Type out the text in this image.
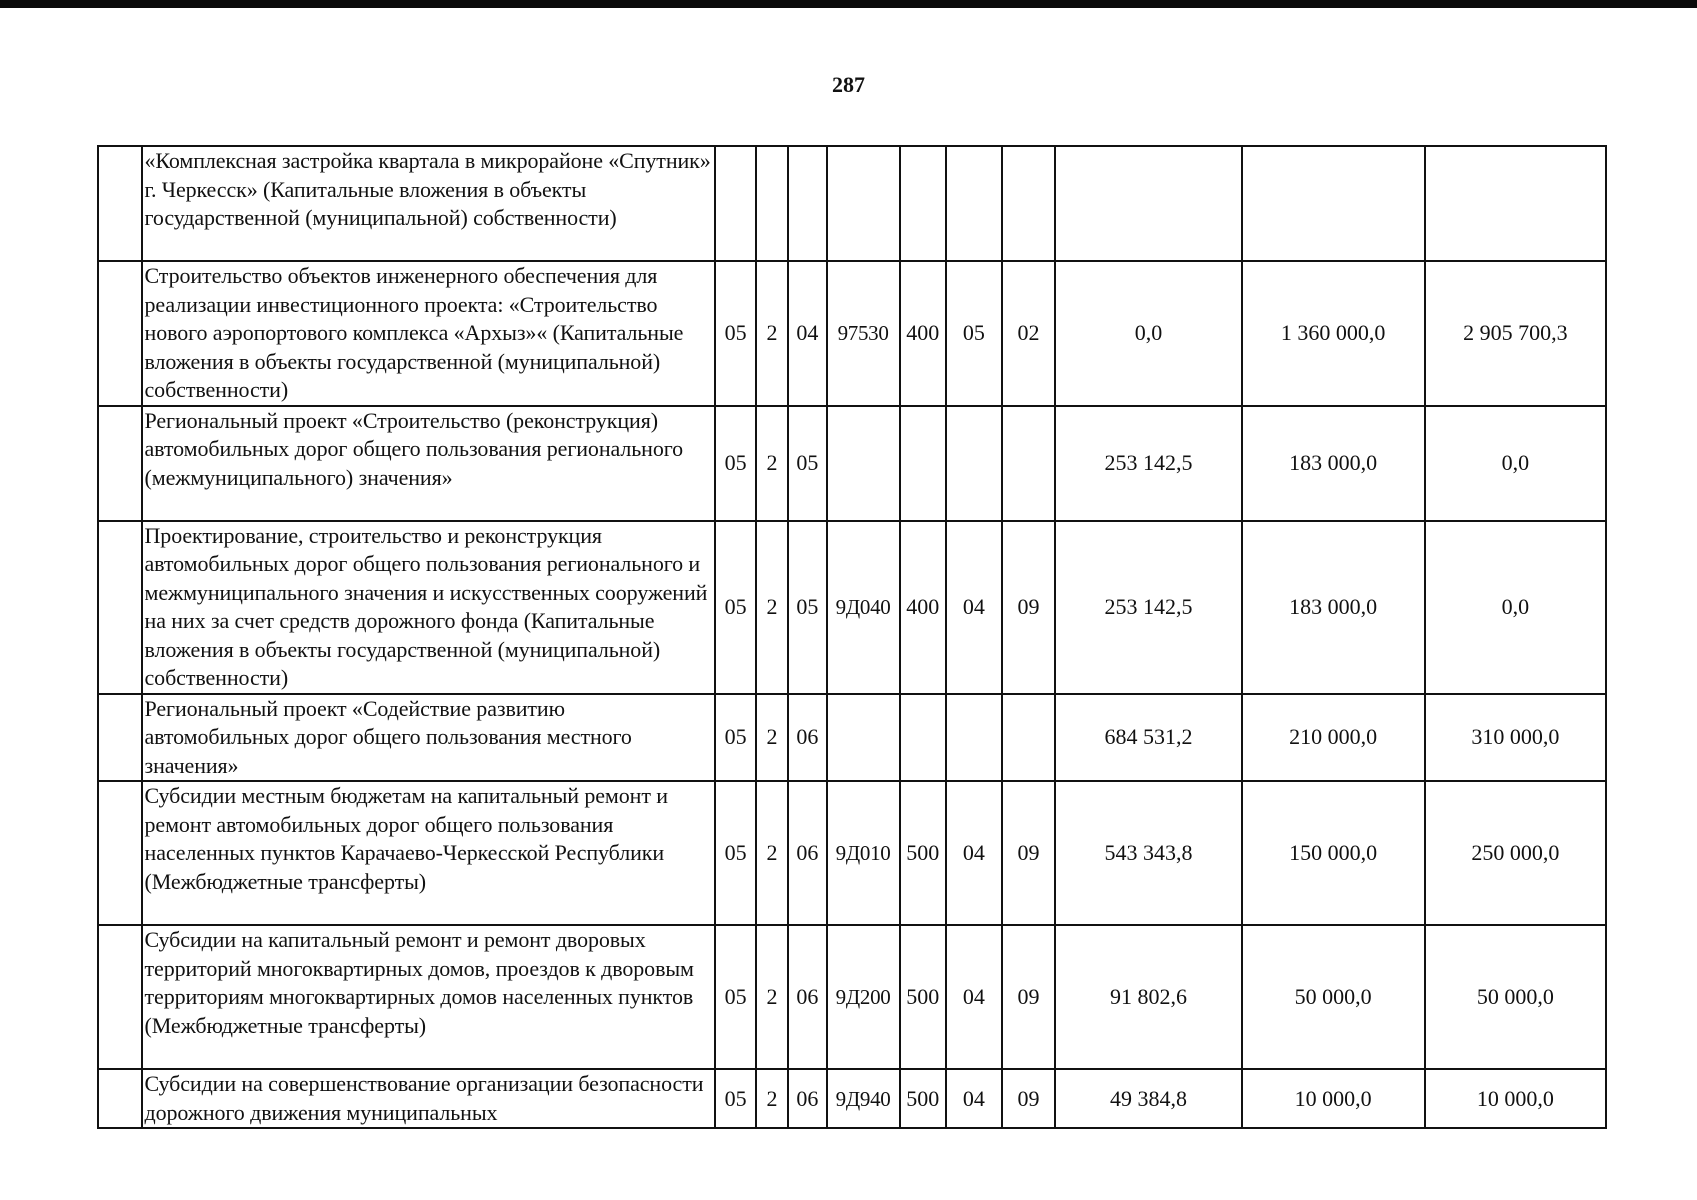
287
	«Комплексная застройка квартала в микрорайоне «Спутник» г. Черкесск» (Капитальные вложения в объекты государственной (муниципальной) собственности)										
	Строительство объектов инженерного обеспечения для реализации инвестиционного проекта: «Строительство нового аэропортового комплекса «Архыз»« (Капитальные вложения в объекты государственной (муниципальной) собственности)	05	2	04	97530	400	05	02	0,0	1 360 000,0	2 905 700,3
	Региональный проект «Строительство (реконструкция) автомобильных дорог общего пользования регионального (межмуниципального) значения»	05	2	05					253 142,5	183 000,0	0,0
	Проектирование, строительство и реконструкция автомобильных дорог общего пользования регионального и межмуниципального значения и искусственных сооружений на них за счет средств дорожного фонда (Капитальные вложения в объекты государственной (муниципальной) собственности)	05	2	05	9Д040	400	04	09	253 142,5	183 000,0	0,0
	Региональный проект «Содействие развитию автомобильных дорог общего пользования местного значения»	05	2	06					684 531,2	210 000,0	310 000,0
	Субсидии местным бюджетам на капитальный ремонт и ремонт автомобильных дорог общего пользования населенных пунктов Карачаево-Черкесской Республики (Межбюджетные трансферты)	05	2	06	9Д010	500	04	09	543 343,8	150 000,0	250 000,0
	Субсидии на капитальный ремонт и ремонт дворовых территорий многоквартирных домов, проездов к дворовым территориям многоквартирных домов населенных пунктов (Межбюджетные трансферты)	05	2	06	9Д200	500	04	09	91 802,6	50 000,0	50 000,0
	Субсидии на совершенствование организации безопасности дорожного движения муниципальных	05	2	06	9Д940	500	04	09	49 384,8	10 000,0	10 000,0
